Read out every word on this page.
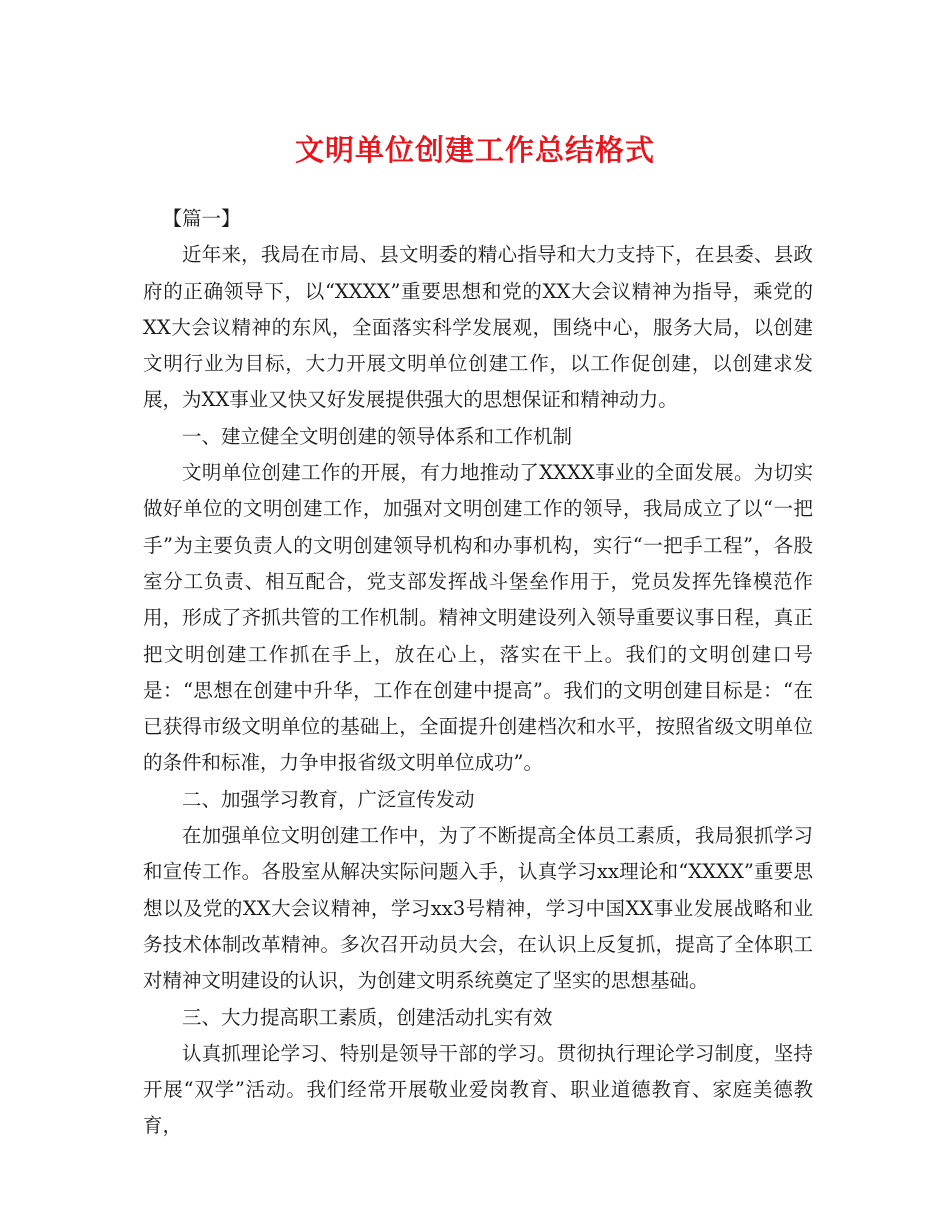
文明单位创建工作总结格式

【篇一】

近年来，我局在市局、县文明委的精心指导和大力支持下，在县委、县政府的正确领导下，以“XXXX”重要思想和党的XX大会议精神为指导，乘党的XX大会议精神的东风，全面落实科学发展观，围绕中心，服务大局，以创建文明行业为目标，大力开展文明单位创建工作，以工作促创建，以创建求发展，为XX事业又快又好发展提供强大的思想保证和精神动力。

一、建立健全文明创建的领导体系和工作机制

文明单位创建工作的开展，有力地推动了XXXX事业的全面发展。为切实做好单位的文明创建工作，加强对文明创建工作的领导，我局成立了以“一把手”为主要负责人的文明创建领导机构和办事机构，实行“一把手工程”，各股室分工负责、相互配合，党支部发挥战斗堡垒作用于，党员发挥先锋模范作用，形成了齐抓共管的工作机制。精神文明建设列入领导重要议事日程，真正把文明创建工作抓在手上，放在心上，落实在干上。我们的文明创建口号是：“思想在创建中升华，工作在创建中提高”。我们的文明创建目标是：“在已获得市级文明单位的基础上，全面提升创建档次和水平，按照省级文明单位的条件和标准，力争申报省级文明单位成功”。

二、加强学习教育，广泛宣传发动

在加强单位文明创建工作中，为了不断提高全体员工素质，我局狠抓学习和宣传工作。各股室从解决实际问题入手，认真学习xx理论和“XXXX”重要思想以及党的XX大会议精神，学习xx3号精神，学习中国XX事业发展战略和业务技术体制改革精神。多次召开动员大会，在认识上反复抓，提高了全体职工对精神文明建设的认识，为创建文明系统奠定了坚实的思想基础。

三、大力提高职工素质，创建活动扎实有效

认真抓理论学习、特别是领导干部的学习。贯彻执行理论学习制度，坚持开展“双学”活动。我们经常开展敬业爱岗教育、职业道德教育、家庭美德教育，
